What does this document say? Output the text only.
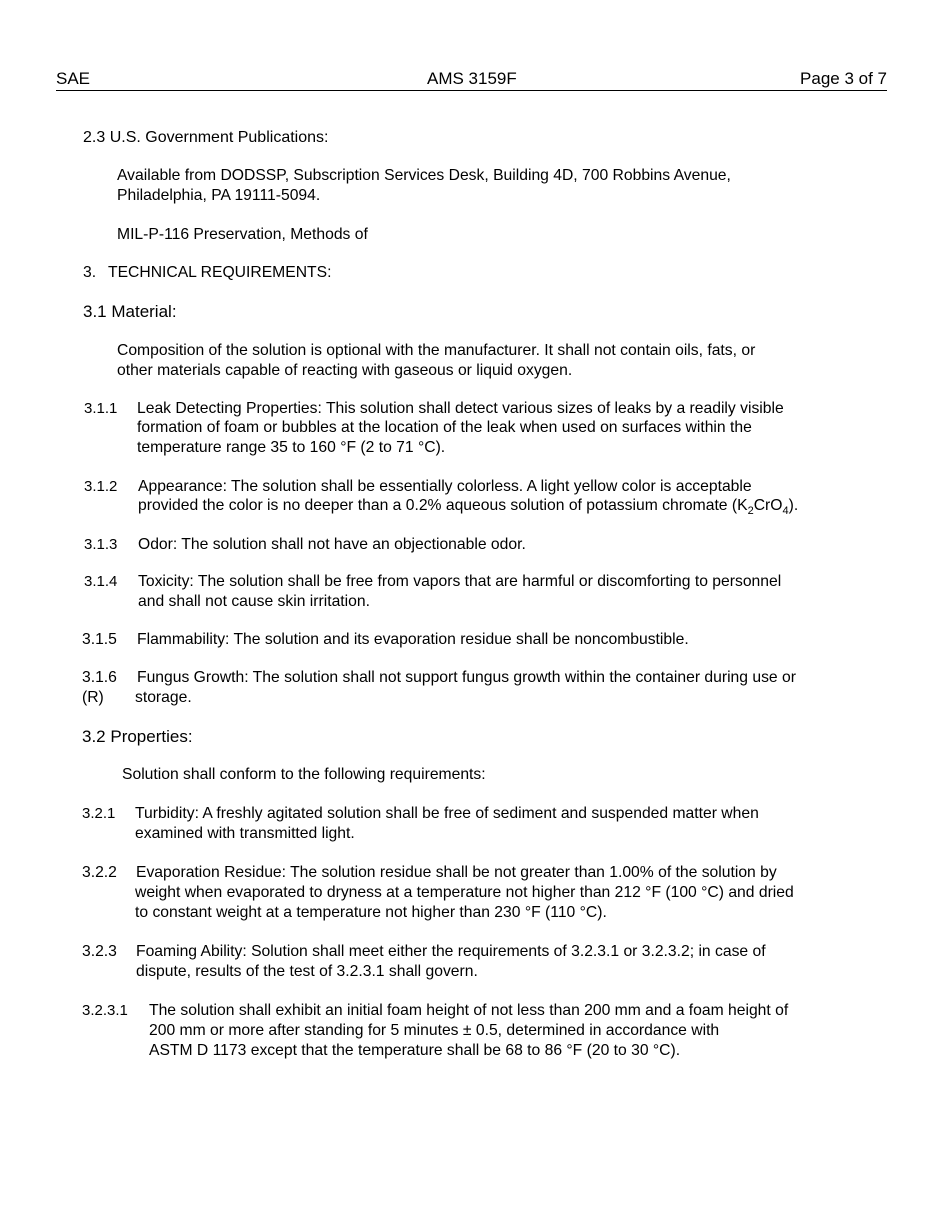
SAE	AMS 3159F	Page 3 of 7
2.3 U.S. Government Publications:
Available from DODSSP, Subscription Services Desk, Building 4D, 700 Robbins Avenue,
Philadelphia, PA 19111-5094.
MIL-P-116 Preservation, Methods of
3. TECHNICAL REQUIREMENTS:
3.1 Material:
Composition of the solution is optional with the manufacturer. It shall not contain oils, fats, or
other materials capable of reacting with gaseous or liquid oxygen.
3.1.1 Leak Detecting Properties: This solution shall detect various sizes of leaks by a readily visible
formation of foam or bubbles at the location of the leak when used on surfaces within the
temperature range 35 to 160 °F (2 to 71 °C).
3.1.2 Appearance: The solution shall be essentially colorless. A light yellow color is acceptable
provided the color is no deeper than a 0.2% aqueous solution of potassium chromate $(K_2CrO_4)$.
3.1.3 Odor: The solution shall not have an objectionable odor.
3.1.4 Toxicity: The solution shall be free from vapors that are harmful or discomforting to personnel
and shall not cause skin irritation.
3.1.5 Flammability: The solution and its evaporation residue shall be noncombustible.
3.1.6 Fungus Growth: The solution shall not support fungus growth within the container during use or
(R) storage.
3.2 Properties:
Solution shall conform to the following requirements:
3.2.1 Turbidity: A freshly agitated solution shall be free of sediment and suspended matter when
examined with transmitted light.
3.2.2 Evaporation Residue: The solution residue shall be not greater than 1.00% of the solution by
weight when evaporated to dryness at a temperature not higher than 212 °F (100 °C) and dried
to constant weight at a temperature not higher than 230 °F (110 °C).
3.2.3 Foaming Ability: Solution shall meet either the requirements of 3.2.3.1 or 3.2.3.2; in case of
dispute, results of the test of 3.2.3.1 shall govern.
3.2.3.1 The solution shall exhibit an initial foam height of not less than 200 mm and a foam height of
200 mm or more after standing for 5 minutes ± 0.5, determined in accordance with
ASTM D 1173 except that the temperature shall be 68 to 86 °F (20 to 30 °C).
